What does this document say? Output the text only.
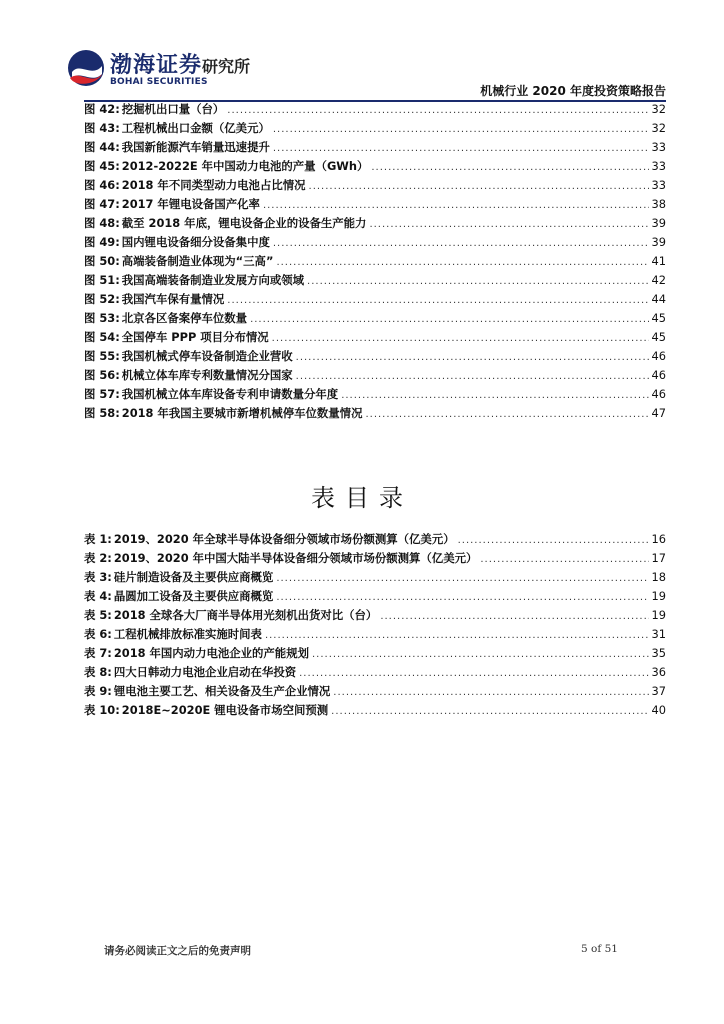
渤海证券
BOHAI SECURITIES
研究所
机械行业 2020 年度投资策略报告
图 42: 挖掘机出口量（台） .....	32
图 43: 工程机械出口金额（亿美元） .....	32
图 44: 我国新能源汽车销量迅速提升 .....	33
图 45: 2012-2022E 年中国动力电池的产量（GWh） .....	33
图 46: 2018 年不同类型动力电池占比情况 .....	33
图 47: 2017 年锂电设备国产化率 .....	38
图 48: 截至 2018 年底，锂电设备企业的设备生产能力 .....	39
图 49: 国内锂电设备细分设备集中度 .....	39
图 50: 高端装备制造业体现为“三高” .....	41
图 51: 我国高端装备制造业发展方向或领域 .....	42
图 52: 我国汽车保有量情况 .....	44
图 53: 北京各区备案停车位数量 .....	45
图 54: 全国停车 PPP 项目分布情况 .....	45
图 55: 我国机械式停车设备制造企业营收 .....	46
图 56: 机械立体车库专利数量情况分国家 .....	46
图 57: 我国机械立体车库设备专利申请数量分年度 .....	46
图 58: 2018 年我国主要城市新增机械停车位数量情况 .....	47
表目录
表 1: 2019、2020 年全球半导体设备细分领域市场份额测算（亿美元） .....	16
表 2: 2019、2020 年中国大陆半导体设备细分领域市场份额测算（亿美元） .....	17
表 3: 硅片制造设备及主要供应商概览 .....	18
表 4: 晶圆加工设备及主要供应商概览 .....	19
表 5: 2018 全球各大厂商半导体用光刻机出货对比（台） .....	19
表 6: 工程机械排放标准实施时间表 .....	31
表 7: 2018 年国内动力电池企业的产能规划 .....	35
表 8: 四大日韩动力电池企业启动在华投资 .....	36
表 9: 锂电池主要工艺、相关设备及生产企业情况 .....	37
表 10: 2018E~2020E 锂电设备市场空间预测 .....	40
请务必阅读正文之后的免责声明	5 of 51
